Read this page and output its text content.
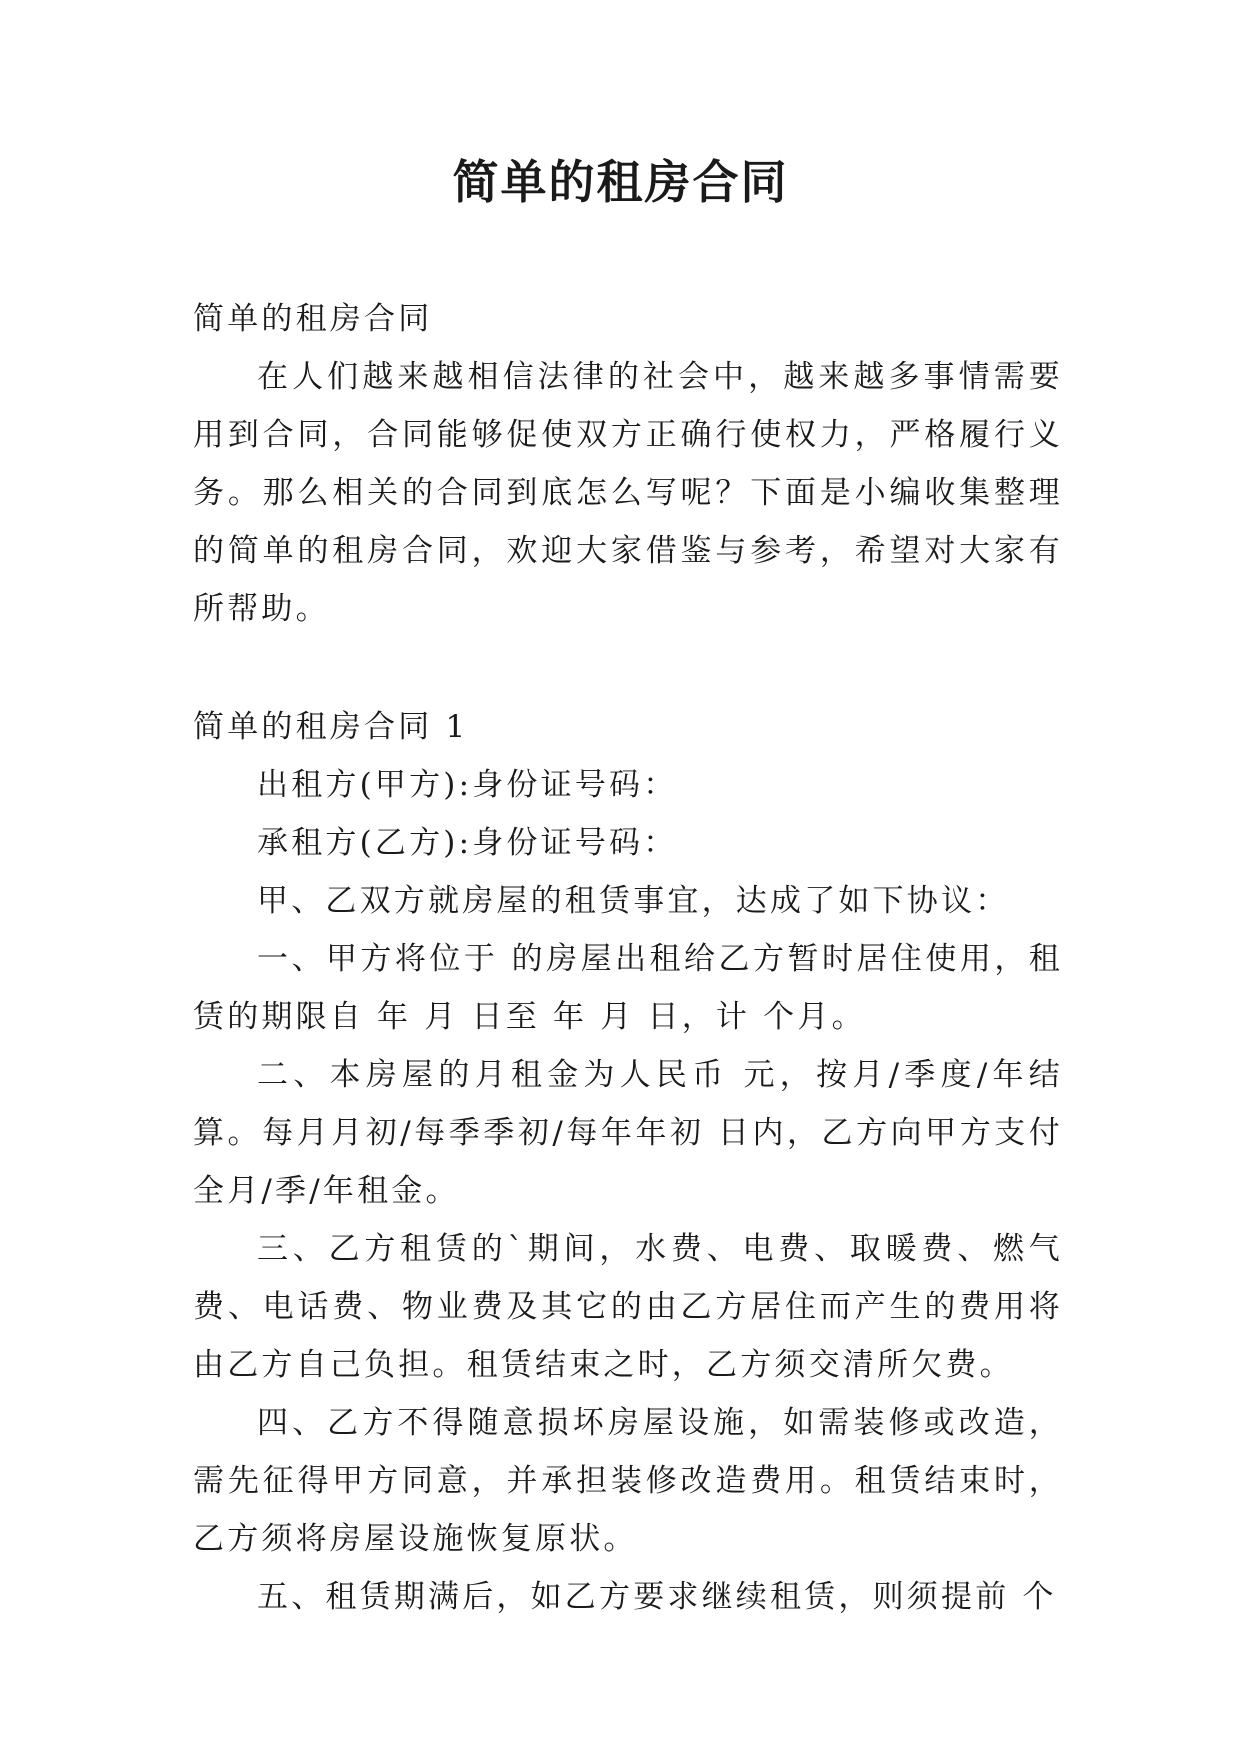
简单的租房合同

简单的租房合同

在人们越来越相信法律的社会中，越来越多事情需要用到合同，合同能够促使双方正确行使权力，严格履行义务。那么相关的合同到底怎么写呢？下面是小编收集整理的简单的租房合同，欢迎大家借鉴与参考，希望对大家有所帮助。

简单的租房合同 1

出租方(甲方):身份证号码：

承租方(乙方):身份证号码：

甲、乙双方就房屋的租赁事宜，达成了如下协议：

一、甲方将位于 的房屋出租给乙方暂时居住使用，租赁的期限自 年 月 日至 年 月 日，计 个月。

二、本房屋的月租金为人民币 元，按月/季度/年结算。每月月初/每季季初/每年年初 日内，乙方向甲方支付全月/季/年租金。

三、乙方租赁的`期间，水费、电费、取暖费、燃气费、电话费、物业费及其它的由乙方居住而产生的费用将由乙方自己负担。租赁结束之时，乙方须交清所欠费。

四、乙方不得随意损坏房屋设施，如需装修或改造，需先征得甲方同意，并承担装修改造费用。租赁结束时，乙方须将房屋设施恢复原状。

五、租赁期满后，如乙方要求继续租赁，则须提前 个
